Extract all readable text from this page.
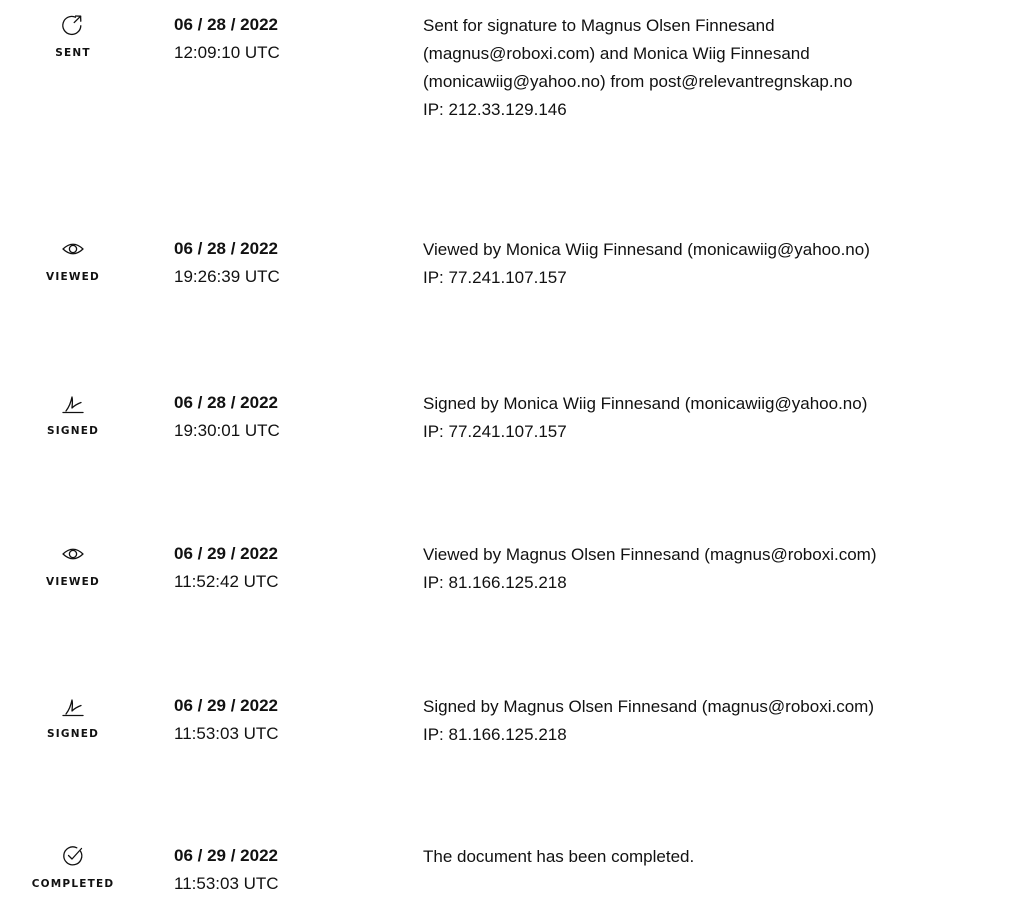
SENT
06 / 28 / 2022
12:09:10 UTC
Sent for signature to Magnus Olsen Finnesand
(magnus@roboxi.com) and Monica Wiig Finnesand
(monicawiig@yahoo.no) from post@relevantregnskap.no
IP: 212.33.129.146
VIEWED
06 / 28 / 2022
19:26:39 UTC
Viewed by Monica Wiig Finnesand (monicawiig@yahoo.no)
IP: 77.241.107.157
SIGNED
06 / 28 / 2022
19:30:01 UTC
Signed by Monica Wiig Finnesand (monicawiig@yahoo.no)
IP: 77.241.107.157
VIEWED
06 / 29 / 2022
11:52:42 UTC
Viewed by Magnus Olsen Finnesand (magnus@roboxi.com)
IP: 81.166.125.218
SIGNED
06 / 29 / 2022
11:53:03 UTC
Signed by Magnus Olsen Finnesand (magnus@roboxi.com)
IP: 81.166.125.218
COMPLETED
06 / 29 / 2022
11:53:03 UTC
The document has been completed.
